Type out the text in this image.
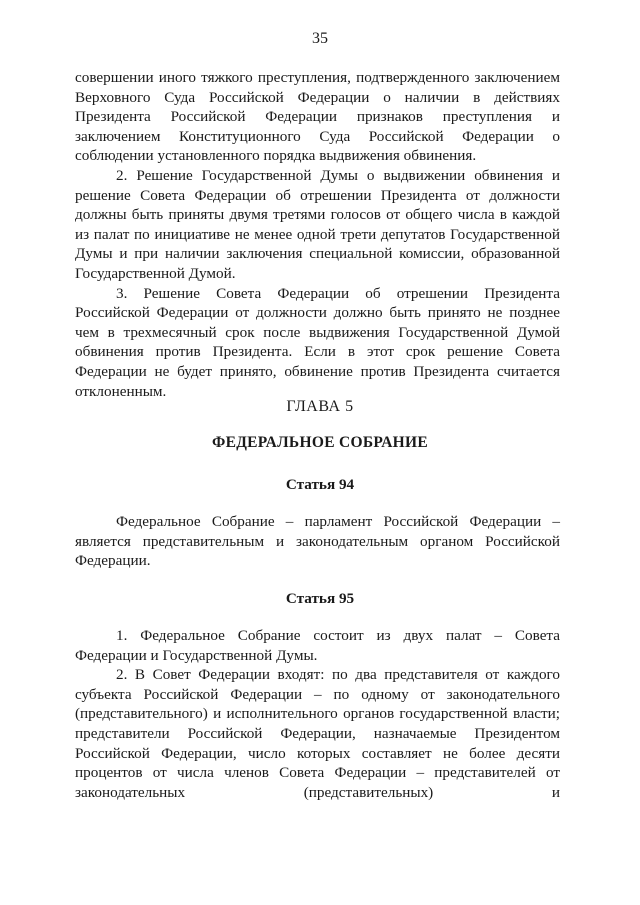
35

совершении иного тяжкого преступления, подтвержденного заключением Верховного Суда Российской Федерации о наличии в действиях Президента Российской Федерации признаков преступления и заключением Конституционного Суда Российской Федерации о соблюдении установленного порядка выдвижения обвинения.

2. Решение Государственной Думы о выдвижении обвинения и решение Совета Федерации об отрешении Президента от должности должны быть приняты двумя третями голосов от общего числа в каждой из палат по инициативе не менее одной трети депутатов Государственной Думы и при наличии заключения специальной комиссии, образованной Государственной Думой.

3. Решение Совета Федерации об отрешении Президента Российской Федерации от должности должно быть принято не позднее чем в трехмесячный срок после выдвижения Государственной Думой обвинения против Президента. Если в этот срок решение Совета Федерации не будет принято, обвинение против Президента считается отклоненным.

ГЛАВА 5
ФЕДЕРАЛЬНОЕ СОБРАНИЕ
Статья 94

Федеральное Собрание – парламент Российской Федерации – является представительным и законодательным органом Российской Федерации.

Статья 95

1. Федеральное Собрание состоит из двух палат – Совета Федерации и Государственной Думы.

2. В Совет Федерации входят: по два представителя от каждого субъекта Российской Федерации – по одному от законодательного (представительного) и исполнительного органов государственной власти; представители Российской Федерации, назначаемые Президентом Российской Федерации, число которых составляет не более десяти процентов от числа членов Совета Федерации – представителей от законодательных (представительных) и
